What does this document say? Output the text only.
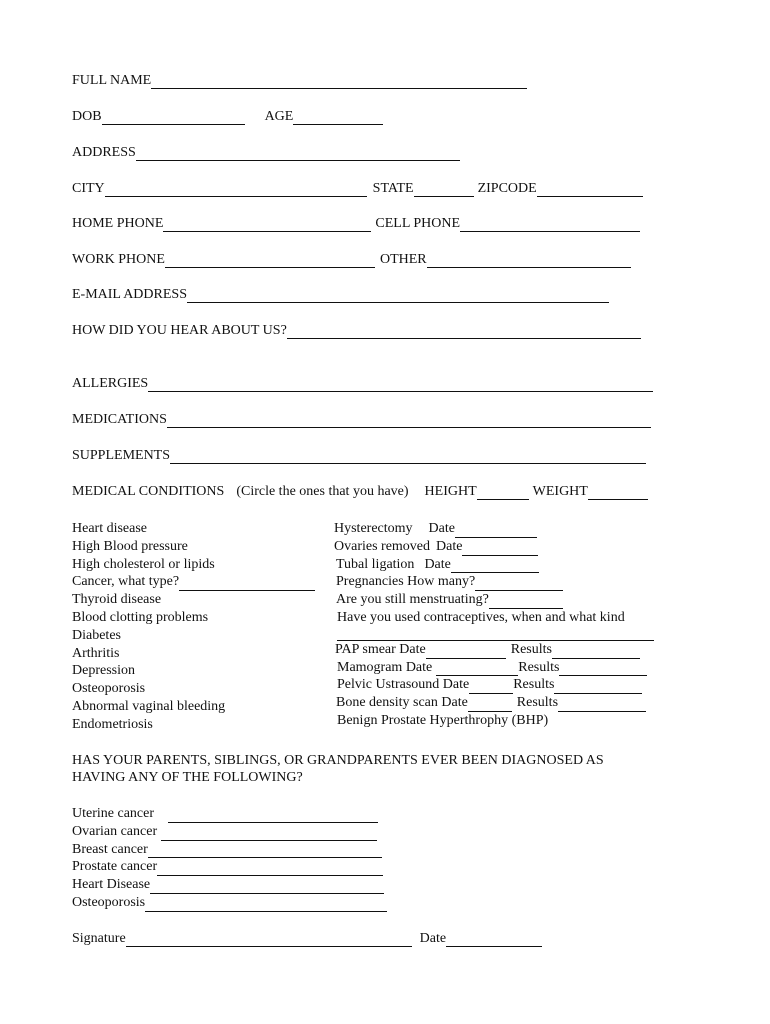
FULL NAME
DOB	AGE
ADDRESS
CITY	STATE	ZIPCODE
HOME PHONE	CELL PHONE
WORK PHONE	OTHER
E-MAIL ADDRESS
HOW DID YOU HEAR ABOUT US?
ALLERGIES
MEDICATIONS
SUPPLEMENTS
MEDICAL CONDITIONS (Circle the ones that you have) HEIGHT	WEIGHT
Heart disease
High Blood pressure
High cholesterol or lipids
Cancer, what type?
Thyroid disease
Blood clotting problems
Diabetes
Arthritis
Depression
Osteoporosis
Abnormal vaginal bleeding
Endometriosis
Hysterectomy Date
Ovaries removed Date
Tubal ligation Date
Pregnancies How many?
Are you still menstruating?
Have you used contraceptives, when and what kind
PAP smear Date	Results
Mamogram Date	Results
Pelvic Ustrasound Date	Results
Bone density scan Date	Results
Benign Prostate Hyperthrophy (BHP)
HAS YOUR PARENTS, SIBLINGS, OR GRANDPARENTS EVER BEEN DIAGNOSED AS
HAVING ANY OF THE FOLLOWING?
Uterine cancer
Ovarian cancer
Breast cancer
Prostate cancer
Heart Disease
Osteoporosis
Signature	Date
